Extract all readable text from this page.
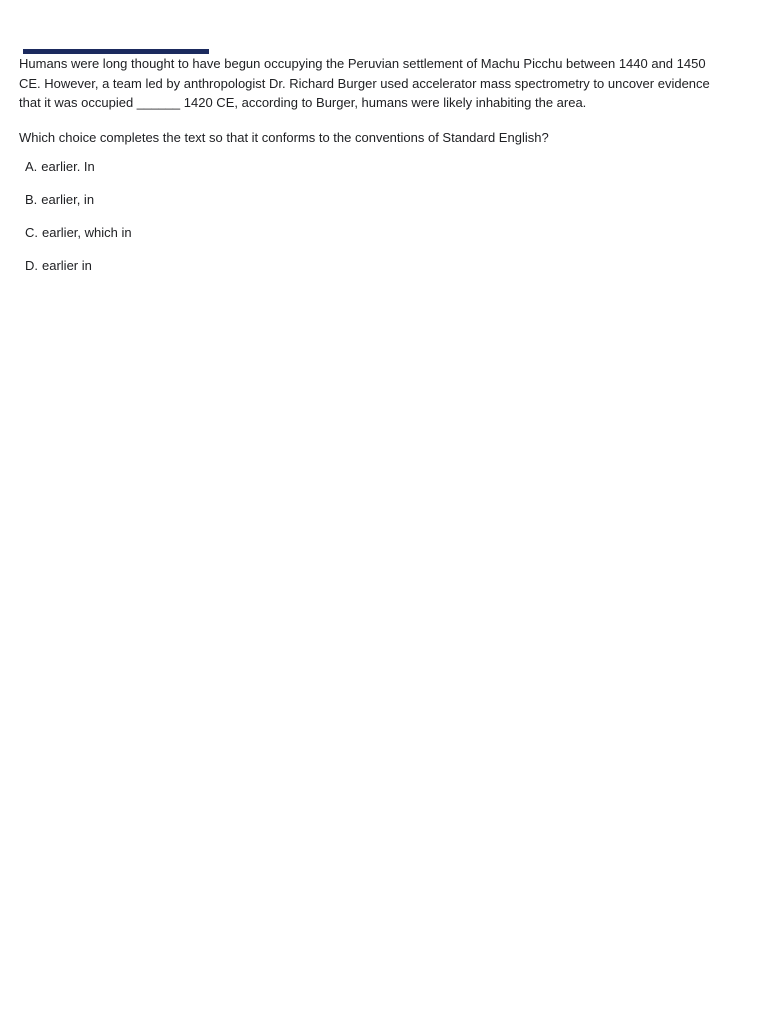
Humans were long thought to have begun occupying the Peruvian settlement of Machu Picchu between 1440 and 1450
CE. However, a team led by anthropologist Dr. Richard Burger used accelerator mass spectrometry to uncover evidence
that it was occupied ______ 1420 CE, according to Burger, humans were likely inhabiting the area.

Which choice completes the text so that it conforms to the conventions of Standard English?

A. earlier. In
B. earlier, in
C. earlier, which in
D. earlier in
